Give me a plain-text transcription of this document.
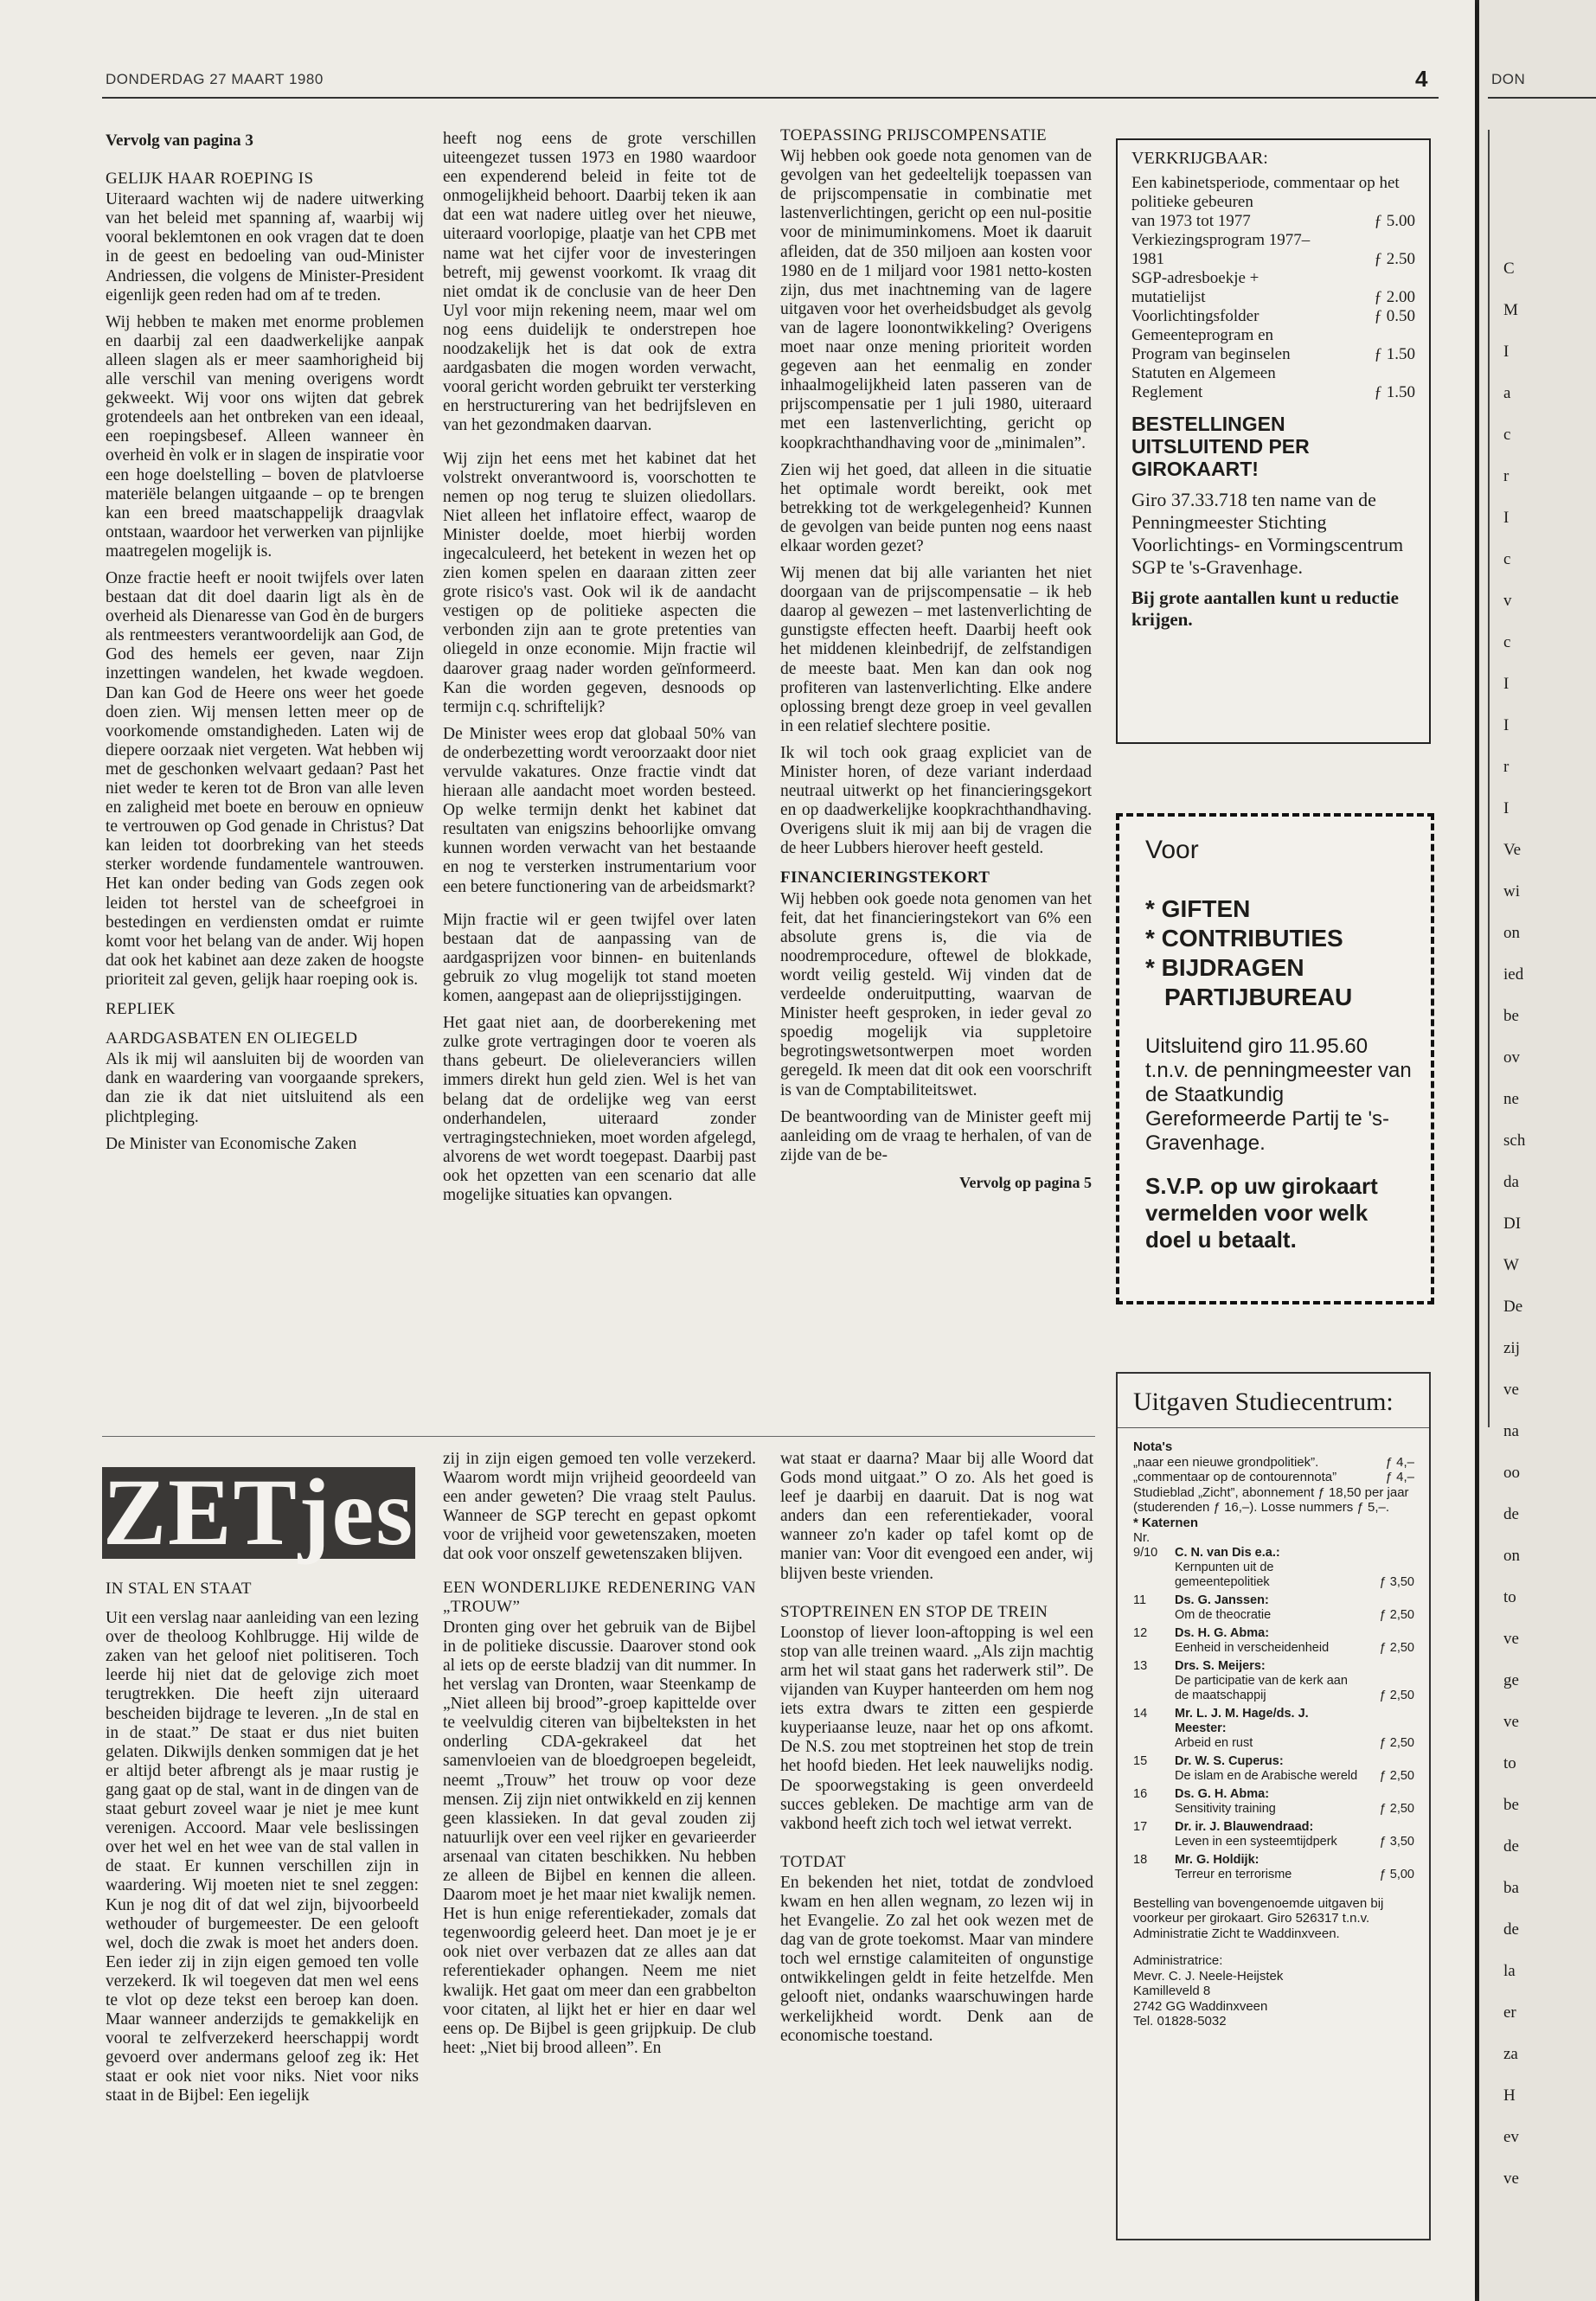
DONDERDAG 27 MAART 1980	4
Vervolg van pagina 3
GELIJK HAAR ROEPING IS

Uiteraard wachten wij de nadere uitwerking van het beleid met spanning af, waarbij wij vooral beklemtonen en ook vragen dat te doen in de geest en bedoeling van oud-Minister Andriessen, die volgens de Minister-President eigenlijk geen reden had om af te treden.

Wij hebben te maken met enorme problemen en daarbij zal een daadwerkelijke aanpak alleen slagen als er meer saamhorigheid bij alle verschil van mening overigens wordt gekweekt. Wij voor ons wijten dat gebrek grotendeels aan het ontbreken van een ideaal, een roepingsbesef. Alleen wanneer èn overheid èn volk er in slagen de inspiratie voor een hoge doelstelling – boven de platvloerse materiële belangen uitgaande – op te brengen kan een breed maatschappelijk draagvlak ontstaan, waardoor het verwerken van pijnlijke maatregelen mogelijk is.

Onze fractie heeft er nooit twijfels over laten bestaan dat dit doel daarin ligt als èn de overheid als Dienaresse van God èn de burgers als rentmeesters verantwoordelijk aan God, de God des hemels eer geven, naar Zijn inzettingen wandelen, het kwade wegdoen. Dan kan God de Heere ons weer het goede doen zien. Wij mensen letten meer op de voorkomende omstandigheden. Laten wij de diepere oorzaak niet vergeten. Wat hebben wij met de geschonken welvaart gedaan? Past het niet weder te keren tot de Bron van alle leven en zaligheid met boete en berouw en opnieuw te vertrouwen op God genade in Christus? Dat kan leiden tot doorbreking van het steeds sterker wordende fundamentele wantrouwen. Het kan onder beding van Gods zegen ook leiden tot herstel van de scheefgroei in bestedingen en verdiensten omdat er ruimte komt voor het belang van de ander. Wij hopen dat ook het kabinet aan deze zaken de hoogste prioriteit zal geven, gelijk haar roeping ook is.

REPLIEK
AARDGASBATEN EN OLIEGELD

Als ik mij wil aansluiten bij de woorden van dank en waardering van voorgaande sprekers, dan zie ik dat niet uitsluitend als een plichtpleging.

De Minister van Economische Zaken

heeft nog eens de grote verschillen uiteengezet tussen 1973 en 1980 waardoor een expenderend beleid in feite tot de onmogelijkheid behoort. Daarbij teken ik aan dat een wat nadere uitleg over het nieuwe, uiteraard voorlopige, plaatje van het CPB met name wat het cijfer voor de investeringen betreft, mij gewenst voorkomt. Ik vraag dit niet omdat ik de conclusie van de heer Den Uyl voor mijn rekening neem, maar wel om nog eens duidelijk te onderstrepen hoe noodzakelijk het is dat ook de extra aardgasbaten die mogen worden verwacht, vooral gericht worden gebruikt ter versterking en herstructurering van het bedrijfsleven en van het gezondmaken daarvan.

Wij zijn het eens met het kabinet dat het volstrekt onverantwoord is, voorschotten te nemen op nog terug te sluizen oliedollars. Niet alleen het inflatoire effect, waarop de Minister doelde, moet hierbij worden ingecalculeerd, het betekent in wezen het op zien komen spelen en daaraan zitten zeer grote risico's vast. Ook wil ik de aandacht vestigen op de politieke aspecten die verbonden zijn aan te grote pretenties van oliegeld in onze economie. Mijn fractie wil daarover graag nader worden geïnformeerd. Kan die worden gegeven, desnoods op termijn c.q. schriftelijk?

De Minister wees erop dat globaal 50% van de onderbezetting wordt veroorzaakt door niet vervulde vakatures. Onze fractie vindt dat hieraan alle aandacht moet worden besteed. Op welke termijn denkt het kabinet dat resultaten van enigszins behoorlijke omvang kunnen worden verwacht van het bestaande en nog te versterken instrumentarium voor een betere functionering van de arbeidsmarkt?

Mijn fractie wil er geen twijfel over laten bestaan dat de aanpassing van de aardgasprijzen voor binnen- en buitenlands gebruik zo vlug mogelijk tot stand moeten komen, aangepast aan de olieprijsstijgingen.

Het gaat niet aan, de doorberekening met zulke grote vertragingen door te voeren als thans gebeurt. De olieleveranciers willen immers direkt hun geld zien. Wel is het van belang dat de ordelijke weg van eerst onderhandelen, uiteraard zonder vertragingstechnieken, moet worden afgelegd, alvorens de wet wordt toegepast. Daarbij past ook het opzetten van een scenario dat alle mogelijke situaties kan opvangen.

TOEPASSING PRIJSCOMPENSATIE

Wij hebben ook goede nota genomen van de gevolgen van het gedeeltelijk toepassen van de prijscompensatie in combinatie met lastenverlichtingen, gericht op een nul-positie voor de minimuminkomens. Moet ik daaruit afleiden, dat de 350 miljoen aan kosten voor 1980 en de 1 miljard voor 1981 netto-kosten zijn, dus met inachtneming van de lagere uitgaven voor het overheidsbudget als gevolg van de lagere loonontwikkeling? Overigens moet naar onze mening prioriteit worden gegeven aan het eenmalig en zonder inhaalmogelijkheid laten passeren van de prijscompensatie per 1 juli 1980, uiteraard met een lastenverlichting, gericht op koopkrachthandhaving voor de „minimalen”.

Zien wij het goed, dat alleen in die situatie het optimale wordt bereikt, ook met betrekking tot de werkgelegenheid? Kunnen de gevolgen van beide punten nog eens naast elkaar worden gezet?

Wij menen dat bij alle varianten het niet doorgaan van de prijscompensatie – ik heb daarop al gewezen – met lastenverlichting de gunstigste effecten heeft. Daarbij heeft ook het middenen kleinbedrijf, de zelfstandigen de meeste baat. Men kan dan ook nog profiteren van lastenverlichting. Elke andere oplossing brengt deze groep in veel gevallen in een relatief slechtere positie.

Ik wil toch ook graag expliciet van de Minister horen, of deze variant inderdaad neutraal uitwerkt op het financieringsgekort en op daadwerkelijke koopkrachthandhaving. Overigens sluit ik mij aan bij de vragen die de heer Lubbers hierover heeft gesteld.

FINANCIERINGSTEKORT

Wij hebben ook goede nota genomen van het feit, dat het financieringstekort van 6% een absolute grens is, die via de noodremprocedure, oftewel de blokkade, wordt veilig gesteld. Wij vinden dat de verdeelde onderuitputting, waarvan de Minister heeft gesproken, in ieder geval zo spoedig mogelijk via suppletoire begrotingswetsontwerpen moet worden geregeld. Ik meen dat dit ook een voorschrift is van de Comptabiliteitswet.

De beantwoording van de Minister geeft mij aanleiding om de vraag te herhalen, of van de zijde van de be-

Vervolg op pagina 5
VERKRIJGBAAR:
Een kabinetsperiode, commentaar op het politieke gebeuren
van 1973 tot 1977	ƒ 5.00
Verkiezingsprogram 1977–1981	ƒ 2.50
SGP-adresboekje + mutatielijst	ƒ 2.00
Voorlichtingsfolder	ƒ 0.50
Gemeenteprogram en Program van beginselen	ƒ 1.50
Statuten en Algemeen Reglement	ƒ 1.50
BESTELLINGEN UITSLUITEND PER GIROKAART!
Giro 37.33.718 ten name van de Penningmeester Stichting Voorlichtings- en Vormingscentrum SGP te 's-Gravenhage.
Bij grote aantallen kunt u reductie krijgen.
Voor
* GIFTEN
* CONTRIBUTIES
* BIJDRAGEN
PARTIJBUREAU
Uitsluitend giro 11.95.60 t.n.v. de penningmeester van de Staatkundig Gereformeerde Partij te 's-Gravenhage.
S.V.P. op uw girokaart vermelden voor welk doel u betaalt.
Uitgaven Studiecentrum:
Nota's
„naar een nieuwe grondpolitiek”.	ƒ 4,–
„commentaar op de contourennota”	ƒ 4,–
Studieblad „Zicht”, abonnement ƒ 18,50 per jaar (studerenden ƒ 16,–). Losse nummers ƒ 5,–.
* Katernen
Nr.
9/10	C. N. van Dis e.a.:
Kernpunten uit de gemeentepolitiek	ƒ 3,50
11	Ds. G. Janssen:
Om de theocratie	ƒ 2,50
12	Ds. H. G. Abma:
Eenheid in verscheidenheid	ƒ 2,50
13	Drs. S. Meijers:
De participatie van de kerk aan de maatschappij	ƒ 2,50
14	Mr. L. J. M. Hage/ds. J. Meester:
Arbeid en rust	ƒ 2,50
15	Dr. W. S. Cuperus:
De islam en de Arabische wereld	ƒ 2,50
16	Ds. G. H. Abma:
Sensitivity training	ƒ 2,50
17	Dr. ir. J. Blauwendraad:
Leven in een systeemtijdperk	ƒ 3,50
18	Mr. G. Holdijk:
Terreur en terrorisme	ƒ 5,00
Bestelling van bovengenoemde uitgaven bij voorkeur per girokaart. Giro 526317 t.n.v. Administratie Zicht te Waddinxveen.
Administratrice:
Mevr. C. J. Neele-Heijstek
Kamilleveld 8
2742 GG Waddinxveen
Tel. 01828-5032
ZETjes
IN STAL EN STAAT

Uit een verslag naar aanleiding van een lezing over de theoloog Kohlbrugge. Hij wilde de zaken van het geloof niet politiseren. Toch leerde hij niet dat de gelovige zich moet terugtrekken. Die heeft zijn uiteraard bescheiden bijdrage te leveren. „In de stal en in de staat.” De staat er dus niet buiten gelaten. Dikwijls denken sommigen dat je het er altijd beter afbrengt als je maar rustig je gang gaat op de stal, want in de dingen van de staat geburt zoveel waar je niet je mee kunt verenigen. Accoord. Maar vele beslissingen over het wel en het wee van de stal vallen in de staat. Er kunnen verschillen zijn in waardering. Wij moeten niet te snel zeggen: Kun je nog dit of dat wel zijn, bijvoorbeeld wethouder of burgemeester. De een gelooft wel, doch die zwak is moet het anders doen. Een ieder zij in zijn eigen gemoed ten volle verzekerd. Ik wil toegeven dat men wel eens te vlot op deze tekst een beroep kan doen. Maar wanneer anderzijds te gemakkelijk en vooral te zelfverzekerd heerschappij wordt gevoerd over andermans geloof zeg ik: Het staat er ook niet voor niks. Niet voor niks staat in de Bijbel: Een iegelijk

zij in zijn eigen gemoed ten volle verzekerd. Waarom wordt mijn vrijheid geoordeeld van een ander geweten? Die vraag stelt Paulus. Wanneer de SGP terecht en gepast opkomt voor de vrijheid voor gewetenszaken, moeten dat ook voor onszelf gewetenszaken blijven.

EEN WONDERLIJKE REDENERING VAN „TROUW”

Dronten ging over het gebruik van de Bijbel in de politieke discussie. Daarover stond ook al iets op de eerste bladzij van dit nummer. In het verslag van Dronten, waar Steenkamp de „Niet alleen bij brood”-groep kapittelde over te veelvuldig citeren van bijbelteksten in het onderling CDA-gekrakeel dat het samenvloeien van de bloedgroepen begeleidt, neemt „Trouw” het trouw op voor deze mensen. Zij zijn niet ontwikkeld en zij kennen geen klassieken. In dat geval zouden zij natuurlijk over een veel rijker en gevarieerder arsenaal van citaten beschikken. Nu hebben ze alleen de Bijbel en kennen die alleen. Daarom moet je het maar niet kwalijk nemen. Het is hun enige referentiekader, zomals dat tegenwoordig geleerd heet. Dan moet je je er ook niet over verbazen dat ze alles aan dat referentiekader ophangen. Neem me niet kwalijk. Het gaat om meer dan een grabbelton voor citaten, al lijkt het er hier en daar wel eens op. De Bijbel is geen grijpkuip. De club heet: „Niet bij brood alleen”. En

wat staat er daarna? Maar bij alle Woord dat Gods mond uitgaat.” O zo. Als het goed is leef je daarbij en daaruit. Dat is nog wat anders dan een referentiekader, vooral wanneer zo'n kader op tafel komt op de manier van: Voor dit evengoed een ander, wij blijven beste vrienden.

STOPTREINEN EN STOP DE TREIN

Loonstop of liever loon-aftopping is wel een stop van alle treinen waard. „Als zijn machtig arm het wil staat gans het raderwerk stil”. De vijanden van Kuyper hanteerden om hem nog iets extra dwars te zitten een gespierde kuyperiaanse leuze, naar het op ons afkomt. De N.S. zou met stoptreinen het stop de trein het hoofd bieden. Het leek nauwelijks nodig. De spoorwegstaking is geen onverdeeld succes gebleken. De machtige arm van de vakbond heeft zich toch wel ietwat verrekt.

TOTDAT

En bekenden het niet, totdat de zondvloed kwam en hen allen wegnam, zo lezen wij in het Evangelie. Zo zal het ook wezen met de dag van de grote toekomst. Maar van mindere toch wel ernstige calamiteiten of ongunstige ontwikkelingen geldt in feite hetzelfde. Men gelooft niet, ondanks waarschuwingen harde werkelijkheid wordt. Denk aan de economische toestand.

DON
C
M
I
a
c
r
I
c
v
c
I
I
r
I
Ve
wi
on
ied
be
ov
ne
sch
da
DI
W
De
zij
ve
na
oo
de
on
to
ve
ge
ve
to
be
de
ba
de
la
er
za
H
ev
ve
